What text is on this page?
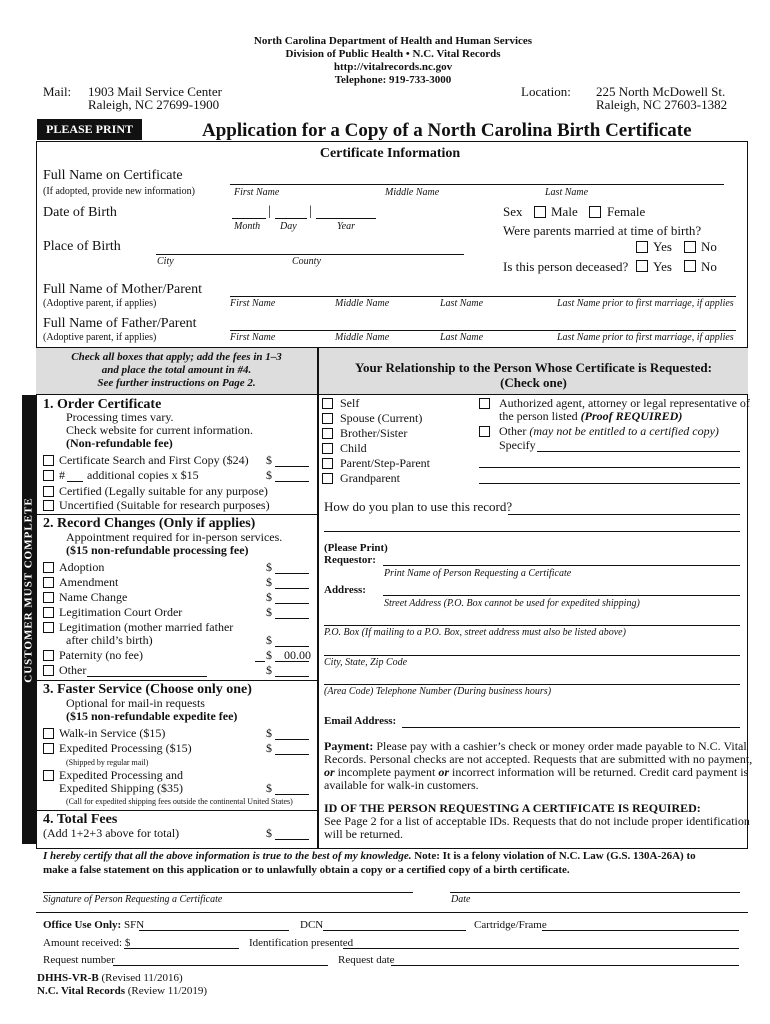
North Carolina Department of Health and Human Services
Division of Public Health • N.C. Vital Records
http://vitalrecords.nc.gov
Telephone: 919-733-3000
Mail: 1903 Mail Service Center
Raleigh, NC 27699-1900
Location: 225 North McDowell St.
Raleigh, NC 27603-1382
PLEASE PRINT	Application for a Copy of a North Carolina Birth Certificate
Certificate Information
Full Name on Certificate
(If adopted, provide new information)	First Name	Middle Name	Last Name
Date of Birth	|	|
Month Day	Year
Sex Male Female
Were parents married at time of birth?
Yes No
Place of Birth
City	County	Is this person deceased? Yes No
Full Name of Mother/Parent
(Adoptive parent, if applies)	First Name	Middle Name	Last Name	Last Name prior to first marriage, if applies
Full Name of Father/Parent
(Adoptive parent, if applies)	First Name	Middle Name	Last Name	Last Name prior to first marriage, if applies
CUSTOMER MUST COMPLETE
Check all boxes that apply; add the fees in 1–3
and place the total amount in #4.
See further instructions on Page 2.
1. Order Certificate
Processing times vary.
Check website for current information.
(Non-refundable fee)
Certificate Search and First Copy ($24) $
# additional copies x $15	$
Certified (Legally suitable for any purpose)
Uncertified (Suitable for research purposes)
2. Record Changes (Only if applies)
Appointment required for in-person services.
($15 non-refundable processing fee)
Adoption	$
Amendment	$
Name Change	$
Legitimation Court Order	$
Legitimation (mother married father
after child’s birth)	$
Paternity (no fee)	$ 00.00
Other	$
3. Faster Service (Choose only one)
Optional for mail-in requests
($15 non-refundable expedite fee)
Walk-in Service ($15)	$
Expedited Processing ($15)	$
(Shipped by regular mail)
Expedited Processing and
Expedited Shipping ($35)	$
(Call for expedited shipping fees outside the continental United States)
4. Total Fees
(Add 1+2+3 above for total)	$
Your Relationship to the Person Whose Certificate is Requested:
(Check one)
Self
Spouse (Current)
Brother/Sister
Child
Parent/Step-Parent
Grandparent
Authorized agent, attorney or legal representative of
the person listed (Proof REQUIRED)
Other (may not be entitled to a certified copy)
Specify
How do you plan to use this record?
(Please Print)
Requestor:
Print Name of Person Requesting a Certificate
Address:
Street Address (P.O. Box cannot be used for expedited shipping)
P.O. Box (If mailing to a P.O. Box, street address must also be listed above)
City, State, Zip Code
(Area Code) Telephone Number (During business hours)
Email Address:
Payment: Please pay with a cashier’s check or money order made payable to N.C. Vital
Records. Personal checks are not accepted. Requests that are submitted with no payment,
or incomplete payment or incorrect information will be returned. Credit card payment is
available for walk-in customers.
ID OF THE PERSON REQUESTING A CERTIFICATE IS REQUIRED:
See Page 2 for a list of acceptable IDs. Requests that do not include proper identification
will be returned.
I hereby certify that all the above information is true to the best of my knowledge. Note: It is a felony violation of N.C. Law (G.S. 130A-26A) to
make a false statement on this application or to unlawfully obtain a copy or a certified copy of a birth certificate.
Signature of Person Requesting a Certificate	Date
Office Use Only: SFN	DCN	Cartridge/Frame
Amount received: $	Identification presented
Request number	Request date
DHHS-VR-B (Revised 11/2016)
N.C. Vital Records (Review 11/2019)
